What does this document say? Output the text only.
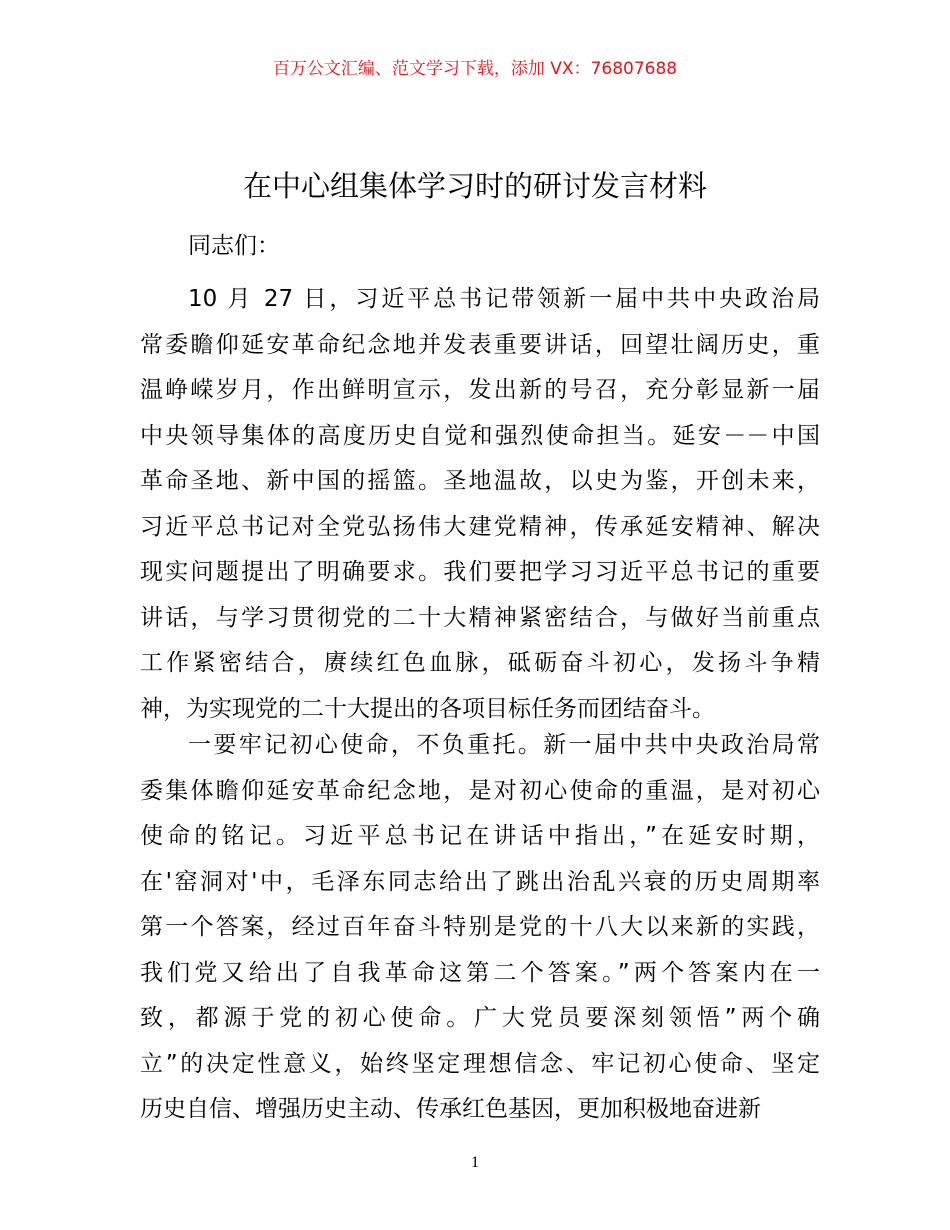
百万公文汇编、范文学习下载，添加 VX：76807688
在中心组集体学习时的研讨发言材料
同志们：
10 月 27 日，习近平总书记带领新一届中共中央政治局
常委瞻仰延安革命纪念地并发表重要讲话，回望壮阔历史，重
温峥嵘岁月，作出鲜明宣示，发出新的号召，充分彰显新一届
中央领导集体的高度历史自觉和强烈使命担当。延安－－中国
革命圣地、新中国的摇篮。圣地温故，以史为鉴，开创未来，
习近平总书记对全党弘扬伟大建党精神，传承延安精神、解决
现实问题提出了明确要求。我们要把学习习近平总书记的重要
讲话，与学习贯彻党的二十大精神紧密结合，与做好当前重点
工作紧密结合，赓续红色血脉，砥砺奋斗初心，发扬斗争精
神，为实现党的二十大提出的各项目标任务而团结奋斗。
一要牢记初心使命，不负重托。新一届中共中央政治局常
委集体瞻仰延安革命纪念地，是对初心使命的重温，是对初心
使命的铭记。习近平总书记在讲话中指出，”在延安时期，
在'窑洞对'中，毛泽东同志给出了跳出治乱兴衰的历史周期率
第一个答案，经过百年奋斗特别是党的十八大以来新的实践，
我们党又给出了自我革命这第二个答案。”两个答案内在一
致，都源于党的初心使命。广大党员要深刻领悟”两个确
立”的决定性意义，始终坚定理想信念、牢记初心使命、坚定
历史自信、增强历史主动、传承红色基因，更加积极地奋进新
1
